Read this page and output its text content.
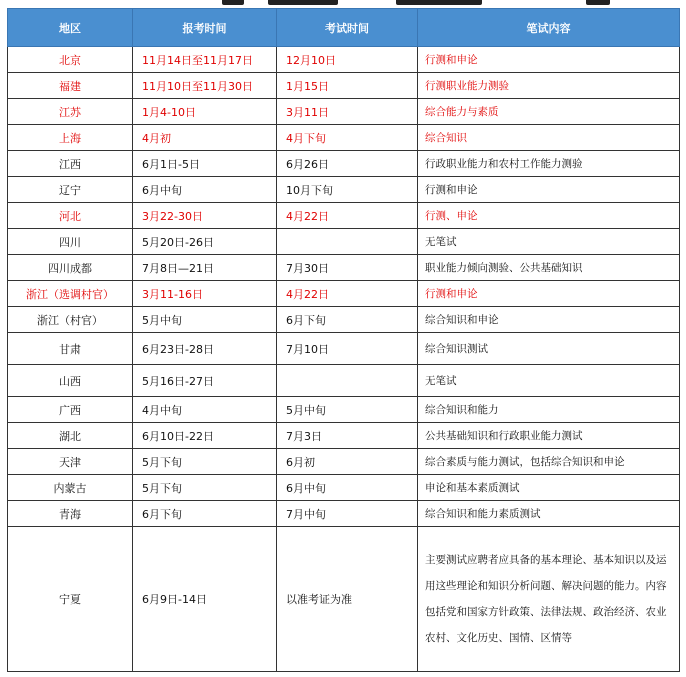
地区	报考时间	考试时间	笔试内容
北京	11月14日至11月17日	12月10日	行测和申论
福建	11月10日至11月30日	1月15日	行测职业能力测验
江苏	1月4-10日	3月11日	综合能力与素质
上海	4月初	4月下旬	综合知识
江西	6月1日-5日	6月26日	行政职业能力和农村工作能力测验
辽宁	6月中旬	10月下旬	行测和申论
河北	3月22-30日	4月22日	行测、申论
四川	5月20日-26日		无笔试
四川成都	7月8日—21日	7月30日	职业能力倾向测验、公共基础知识
浙江（选调村官）	3月11-16日	4月22日	行测和申论
浙江（村官）	5月中旬	6月下旬	综合知识和申论
甘肃	6月23日-28日	7月10日	综合知识测试
山西	5月16日-27日		无笔试
广西	4月中旬	5月中旬	综合知识和能力
湖北	6月10日-22日	7月3日	公共基础知识和行政职业能力测试
天津	5月下旬	6月初	综合素质与能力测试，包括综合知识和申论
内蒙古	5月下旬	6月中旬	申论和基本素质测试
青海	6月下旬	7月中旬	综合知识和能力素质测试
宁夏	6月9日-14日	以准考证为准	主要测试应聘者应具备的基本理论、基本知识以及运用这些理论和知识分析问题、解决问题的能力。内容包括党和国家方针政策、法律法规、政治经济、农业农村、文化历史、国情、区情等
